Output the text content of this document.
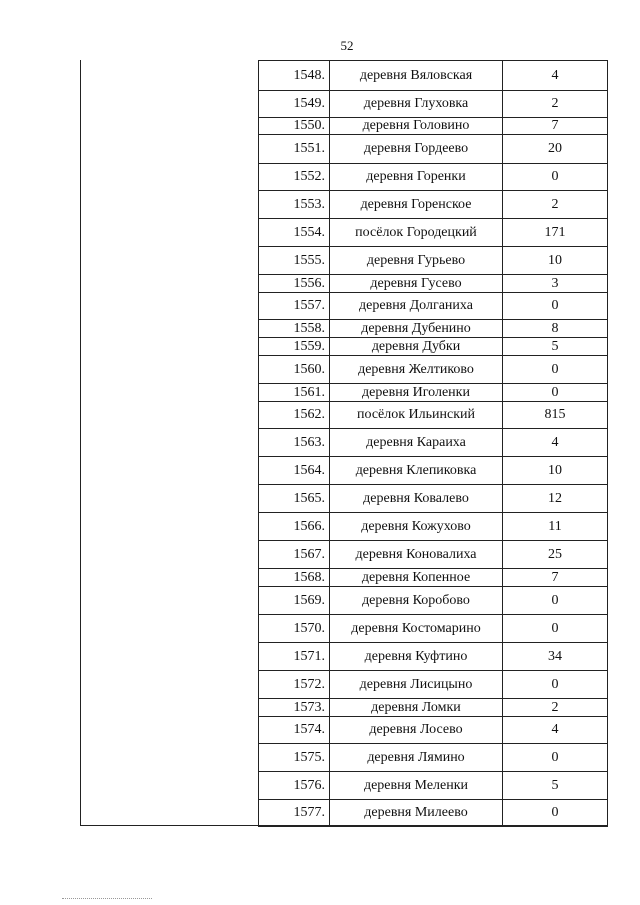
52
1548.	деревня Вяловская	4
1549.	деревня Глуховка	2
1550.	деревня Головино	7
1551.	деревня Гордеево	20
1552.	деревня Горенки	0
1553.	деревня Горенское	2
1554.	посёлок Городецкий	171
1555.	деревня Гурьево	10
1556.	деревня Гусево	3
1557.	деревня Долганиха	0
1558.	деревня Дубенино	8
1559.	деревня Дубки	5
1560.	деревня Желтиково	0
1561.	деревня Иголенки	0
1562.	посёлок Ильинский	815
1563.	деревня Караиха	4
1564.	деревня Клепиковка	10
1565.	деревня Ковалево	12
1566.	деревня Кожухово	11
1567.	деревня Коновалиха	25
1568.	деревня Копенное	7
1569.	деревня Коробово	0
1570.	деревня Костомарино	0
1571.	деревня Куфтино	34
1572.	деревня Лисицыно	0
1573.	деревня Ломки	2
1574.	деревня Лосево	4
1575.	деревня Лямино	0
1576.	деревня Меленки	5
1577.	деревня Милеево	0
